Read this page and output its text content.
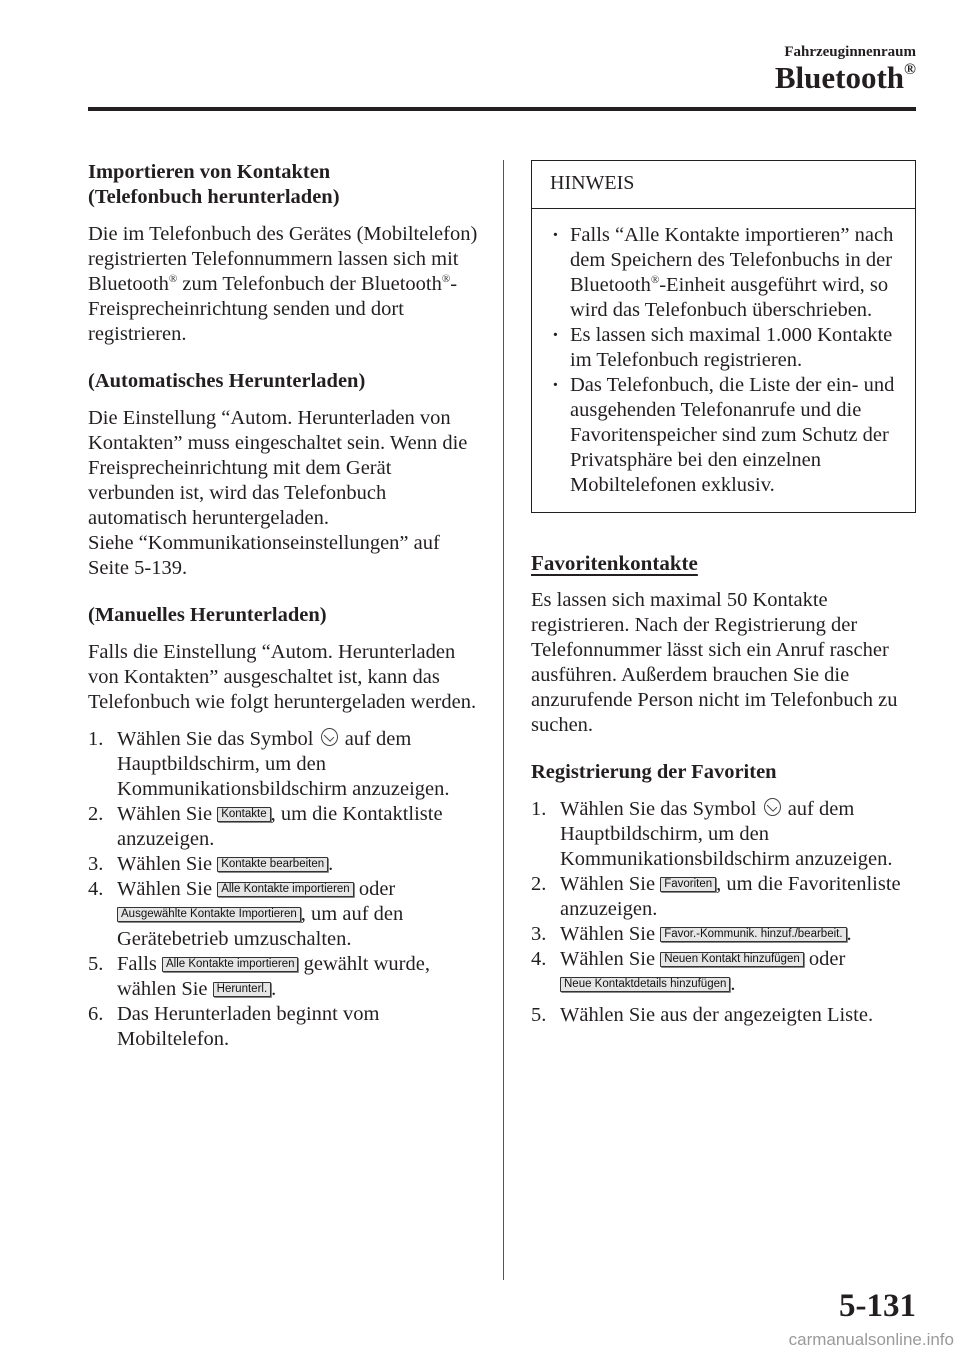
Fahrzeuginnenraum
Bluetooth®

Importieren von Kontakten

(Telefonbuch herunterladen)

Die im Telefonbuch des Gerätes (Mobiltelefon) registrierten Telefonnummern lassen sich mit Bluetooth® zum Telefonbuch der Bluetooth®-Freisprecheinrichtung senden und dort registrieren.

(Automatisches Herunterladen)

Die Einstellung “Autom. Herunterladen von Kontakten” muss eingeschaltet sein. Wenn die Freisprecheinrichtung mit dem Gerät verbunden ist, wird das Telefonbuch automatisch heruntergeladen.

Siehe “Kommunikationseinstellungen” auf Seite 5-139.

(Manuelles Herunterladen)

Falls die Einstellung “Autom. Herunterladen von Kontakten” ausgeschaltet ist, kann das Telefonbuch wie folgt heruntergeladen werden.

1. Wählen Sie das Symbol  auf dem Hauptbildschirm, um den Kommunikationsbildschirm anzuzeigen.
2. Wählen Sie Kontakte , um die Kontaktliste anzuzeigen.
3. Wählen Sie Kontakte bearbeiten .
4. Wählen Sie Alle Kontakte importieren oder Ausgewählte Kontakte Importieren , um auf den Gerätebetrieb umzuschalten.
5. Falls Alle Kontakte importieren gewählt wurde, wählen Sie Herunterl. .
6. Das Herunterladen beginnt vom Mobiltelefon.
HINWEIS
· Falls “Alle Kontakte importieren” nach dem Speichern des Telefonbuchs in der Bluetooth®-Einheit ausgeführt wird, so wird das Telefonbuch überschrieben.
· Es lassen sich maximal 1.000 Kontakte im Telefonbuch registrieren.
· Das Telefonbuch, die Liste der ein- und ausgehenden Telefonanrufe und die Favoritenspeicher sind zum Schutz der Privatsphäre bei den einzelnen Mobiltelefonen exklusiv.

Favoritenkontakte

Es lassen sich maximal 50 Kontakte registrieren. Nach der Registrierung der Telefonnummer lässt sich ein Anruf rascher ausführen. Außerdem brauchen Sie die anzurufende Person nicht im Telefonbuch zu suchen.

Registrierung der Favoriten

1. Wählen Sie das Symbol  auf dem Hauptbildschirm, um den Kommunikationsbildschirm anzuzeigen.
2. Wählen Sie Favoriten , um die Favoritenliste anzuzeigen.
3. Wählen Sie Favor.-Kommunik. hinzuf./bearbeit. .
4. Wählen Sie Neuen Kontakt hinzufügen oder Neue Kontaktdetails hinzufügen .
5. Wählen Sie aus der angezeigten Liste.
5-131
carmanualsonline.info
